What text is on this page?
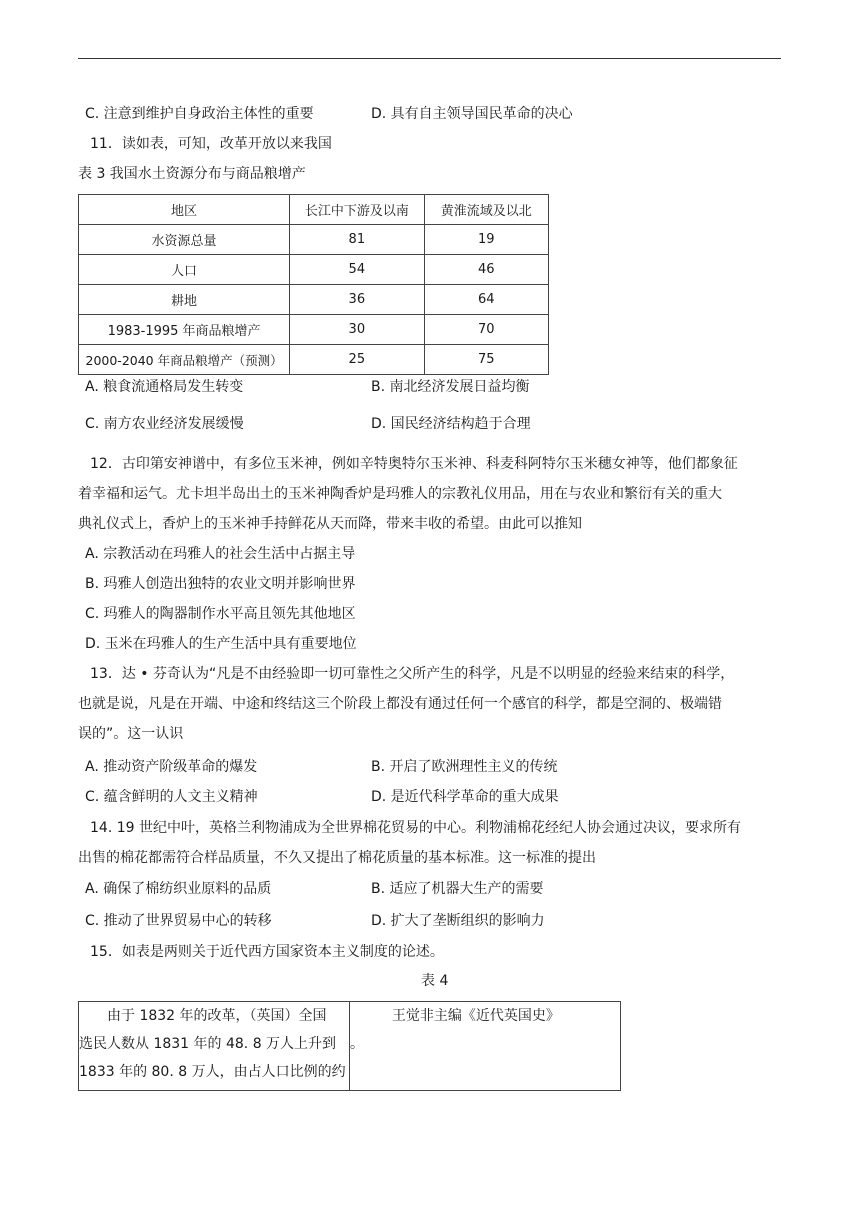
C. 注意到维护自身政治主体性的重要	D. 具有自主领导国民革命的决心
11．读如表，可知，改革开放以来我国
表 3 我国水土资源分布与商品粮增产
地区	长江中下游及以南	黄淮流域及以北
水资源总量	81	19
人口	54	46
耕地	36	64
1983-1995 年商品粮增产	30	70
2000-2040 年商品粮增产（预测）	25	75
A. 粮食流通格局发生转变	B. 南北经济发展日益均衡
C. 南方农业经济发展缓慢	D. 国民经济结构趋于合理
12．古印第安神谱中，有多位玉米神，例如辛特奥特尔玉米神、科麦科阿特尔玉米穗女神等，他们都象征
着幸福和运气。尤卡坦半岛出土的玉米神陶香炉是玛雅人的宗教礼仪用品，用在与农业和繁衍有关的重大
典礼仪式上，香炉上的玉米神手持鲜花从天而降，带来丰收的希望。由此可以推知
A. 宗教活动在玛雅人的社会生活中占据主导
B. 玛雅人创造出独特的农业文明并影响世界
C. 玛雅人的陶器制作水平高且领先其他地区
D. 玉米在玛雅人的生产生活中具有重要地位
13．达 • 芬奇认为“凡是不由经验即一切可靠性之父所产生的科学，凡是不以明显的经验来结束的科学，
也就是说，凡是在开端、中途和终结这三个阶段上都没有通过任何一个感官的科学，都是空洞的、极端错
误的”。这一认识
A. 推动资产阶级革命的爆发	B. 开启了欧洲理性主义的传统
C. 蕴含鲜明的人文主义精神	D. 是近代科学革命的重大成果
14. 19 世纪中叶，英格兰利物浦成为全世界棉花贸易的中心。利物浦棉花经纪人协会通过决议，要求所有
出售的棉花都需符合样品质量，不久又提出了棉花质量的基本标准。这一标准的提出
A. 确保了棉纺织业原料的品质	B. 适应了机器大生产的需要
C. 推动了世界贸易中心的转移	D. 扩大了垄断组织的影响力
15．如表是两则关于近代西方国家资本主义制度的论述。
表 4
　　由于 1832 年的改革，（英国）全国
选民人数从 1831 年的 48. 8 万人上升到
1833 年的 80. 8 万人，由占人口比例的约

　　　王觉非主编《近代英国史》
。
